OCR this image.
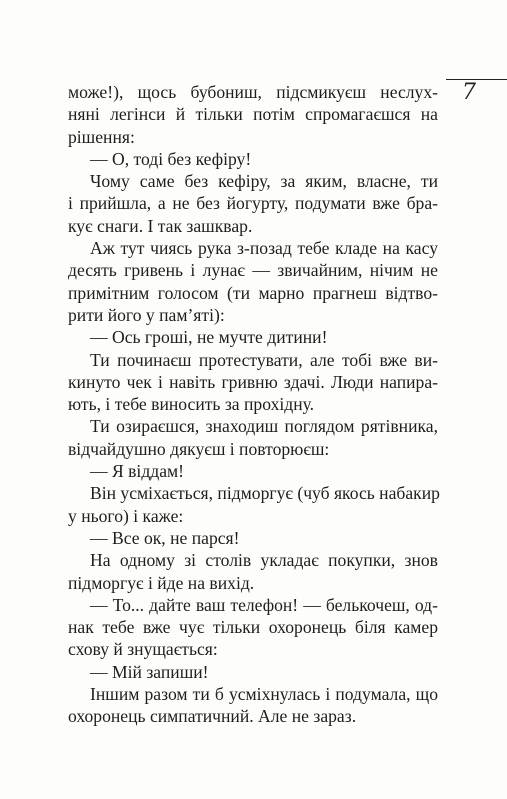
7
може!), щось бубониш, підсмикуєш неслух-
няні легінси й тільки потім спромагаєшся на
рішення:
— О, тоді без кефіру!
Чому саме без кефіру, за яким, власне, ти
і прийшла, а не без йогурту, подумати вже бра-
кує снаги. І так зашквар.
Аж тут чиясь рука з-позад тебе кладе на касу
десять гривень і лунає — звичайним, нічим не
примітним голосом (ти марно прагнеш відтво-
рити його у пам’яті):
— Ось гроші, не мучте дитини!
Ти починаєш протестувати, але тобі вже ви-
кинуто чек і навіть гривню здачі. Люди напира-
ють, і тебе виносить за прохідну.
Ти озираєшся, знаходиш поглядом рятівника,
відчайдушно дякуєш і повторюєш:
— Я віддам!
Він усміхається, підморгує (чуб якось набакир
у нього) і каже:
— Все ок, не парся!
На одному зі столів укладає покупки, знов
підморгує і йде на вихід.
— То... дайте ваш телефон! — белькочеш, од-
нак тебе вже чує тільки охоронець біля камер
схову й знущається:
— Мій запиши!
Іншим разом ти б усміхнулась і подумала, що
охоронець симпатичний. Але не зараз.
